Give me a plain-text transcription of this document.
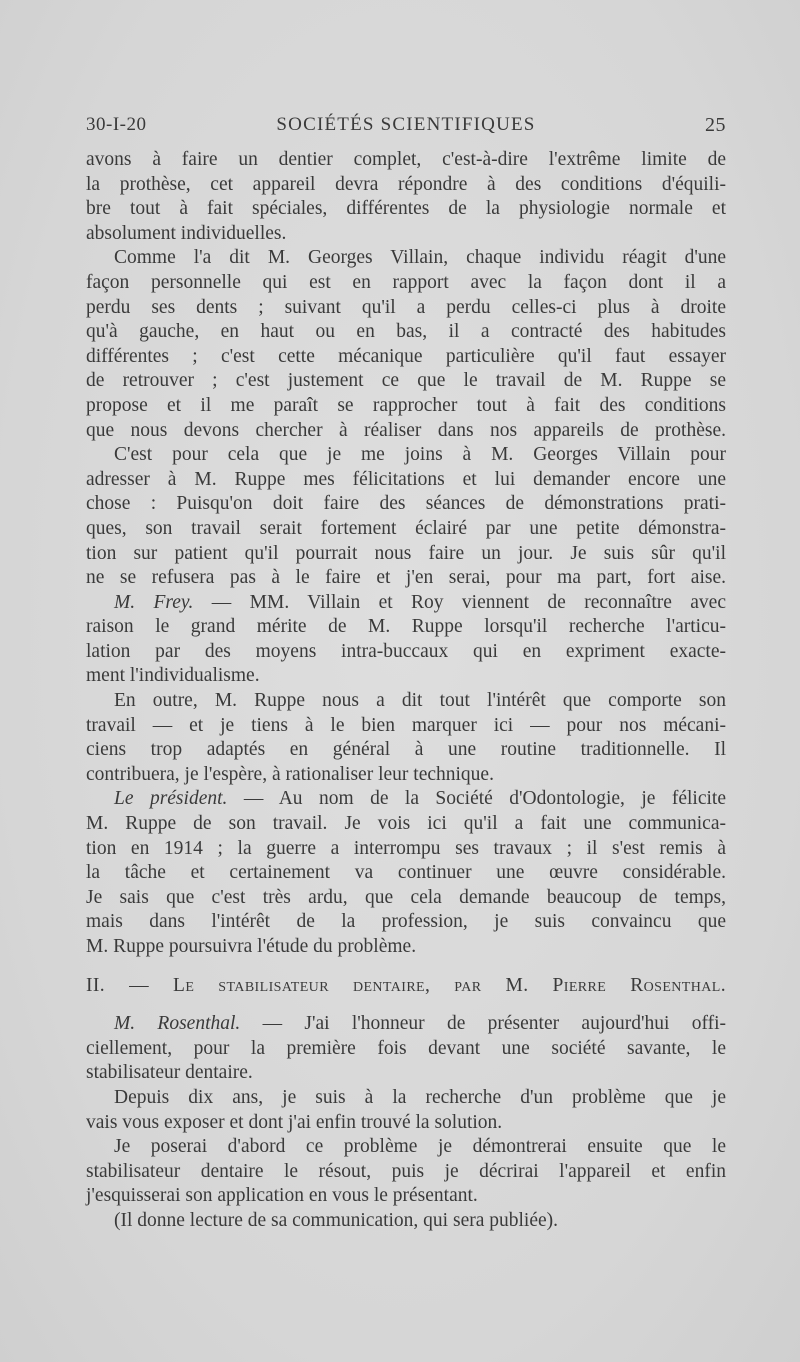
30-I-20	SOCIÉTÉS SCIENTIFIQUES	25

avons à faire un dentier complet, c'est-à-dire l'extrême limite de
la prothèse, cet appareil devra répondre à des conditions d'équili-
bre tout à fait spéciales, différentes de la physiologie normale et
absolument individuelles.

Comme l'a dit M. Georges Villain, chaque individu réagit d'une
façon personnelle qui est en rapport avec la façon dont il a
perdu ses dents ; suivant qu'il a perdu celles-ci plus à droite
qu'à gauche, en haut ou en bas, il a contracté des habitudes
différentes ; c'est cette mécanique particulière qu'il faut essayer
de retrouver ; c'est justement ce que le travail de M. Ruppe se
propose et il me paraît se rapprocher tout à fait des conditions
que nous devons chercher à réaliser dans nos appareils de prothèse.

C'est pour cela que je me joins à M. Georges Villain pour
adresser à M. Ruppe mes félicitations et lui demander encore une
chose : Puisqu'on doit faire des séances de démonstrations prati-
ques, son travail serait fortement éclairé par une petite démonstra-
tion sur patient qu'il pourrait nous faire un jour. Je suis sûr qu'il
ne se refusera pas à le faire et j'en serai, pour ma part, fort aise.

M. Frey. — MM. Villain et Roy viennent de reconnaître avec
raison le grand mérite de M. Ruppe lorsqu'il recherche l'articu-
lation par des moyens intra-buccaux qui en expriment exacte-
ment l'individualisme.

En outre, M. Ruppe nous a dit tout l'intérêt que comporte son
travail — et je tiens à le bien marquer ici — pour nos mécani-
ciens trop adaptés en général à une routine traditionnelle. Il
contribuera, je l'espère, à rationaliser leur technique.

Le président. — Au nom de la Société d'Odontologie, je félicite
M. Ruppe de son travail. Je vois ici qu'il a fait une communica-
tion en 1914 ; la guerre a interrompu ses travaux ; il s'est remis à
la tâche et certainement va continuer une œuvre considérable.
Je sais que c'est très ardu, que cela demande beaucoup de temps,
mais dans l'intérêt de la profession, je suis convaincu que
M. Ruppe poursuivra l'étude du problème.

II. — Le stabilisateur dentaire, par M. Pierre Rosenthal.

M. Rosenthal. — J'ai l'honneur de présenter aujourd'hui offi-
ciellement, pour la première fois devant une société savante, le
stabilisateur dentaire.

Depuis dix ans, je suis à la recherche d'un problème que je
vais vous exposer et dont j'ai enfin trouvé la solution.

Je poserai d'abord ce problème je démontrerai ensuite que le
stabilisateur dentaire le résout, puis je décrirai l'appareil et enfin
j'esquisserai son application en vous le présentant.

(Il donne lecture de sa communication, qui sera publiée).
